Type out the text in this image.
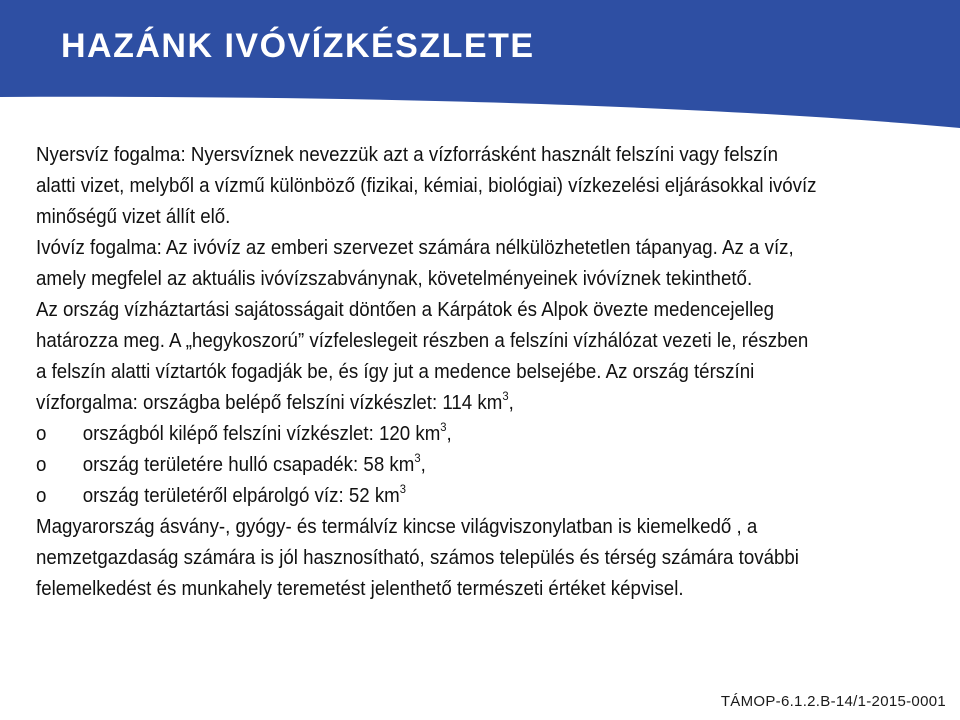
HAZÁNK IVÓVÍZKÉSZLETE

Nyersvíz fogalma: Nyersvíznek nevezzük azt a vízforrásként használt felszíni vagy felszín alatti vizet, melyből a vízmű különböző (fizikai, kémiai, biológiai) vízkezelési eljárásokkal ivóvíz minőségű vizet állít elő.

Ivóvíz fogalma: Az ivóvíz az emberi szervezet számára nélkülözhetetlen tápanyag. Az a víz, amely megfelel az aktuális ivóvízszabványnak, követelményeinek ivóvíznek tekinthető.

Az ország vízháztartási sajátosságait döntően a Kárpátok és Alpok övezte medencejelleg határozza meg. A „hegykoszorú” vízfeleslegeit részben a felszíni vízhálózat vezeti le, részben a felszín alatti víztartók fogadják be, és így jut a medence belsejébe. Az ország térszíni vízforgalma: országba belépő felszíni vízkészlet: 114 $km^3$,

o	országból kilépő felszíni vízkészlet: 120 $km^3$,
o	ország területére hulló csapadék: 58 $km^3$,
o	ország területéről elpárolgó víz: 52 $km^3$

Magyarország ásvány-, gyógy- és termálvíz kincse világviszonylatban is kiemelkedő , a nemzetgazdaság számára is jól hasznosítható, számos település és térség számára további felemelkedést és munkahely teremetést jelenthető természeti értéket képvisel.

TÁMOP-6.1.2.B-14/1-2015-0001
